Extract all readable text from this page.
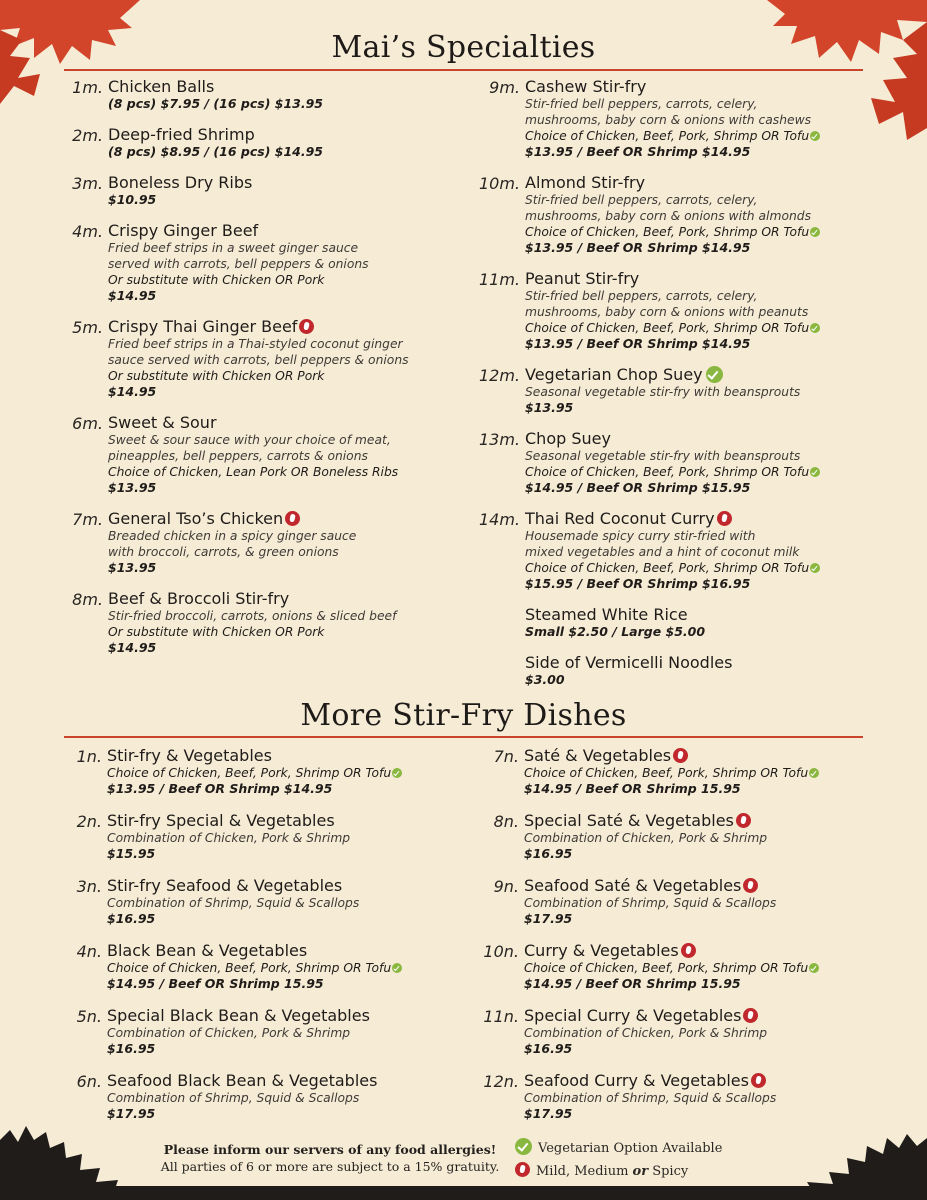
Mai’s Specialties
1m. Chicken Balls
(8 pcs) $7.95 / (16 pcs) $13.95
2m. Deep-fried Shrimp
(8 pcs) $8.95 / (16 pcs) $14.95
3m. Boneless Dry Ribs
$10.95
4m. Crispy Ginger Beef
Fried beef strips in a sweet ginger sauce
served with carrots, bell peppers & onions
Or substitute with Chicken OR Pork
$14.95
5m. Crispy Thai Ginger Beef
Fried beef strips in a Thai-styled coconut ginger
sauce served with carrots, bell peppers & onions
Or substitute with Chicken OR Pork
$14.95
6m. Sweet & Sour
Sweet & sour sauce with your choice of meat,
pineapples, bell peppers, carrots & onions
Choice of Chicken, Lean Pork OR Boneless Ribs
$13.95
7m. General Tso’s Chicken
Breaded chicken in a spicy ginger sauce
with broccoli, carrots, & green onions
$13.95
8m. Beef & Broccoli Stir-fry
Stir-fried broccoli, carrots, onions & sliced beef
Or substitute with Chicken OR Pork
$14.95
9m. Cashew Stir-fry
Stir-fried bell peppers, carrots, celery,
mushrooms, baby corn & onions with cashews
Choice of Chicken, Beef, Pork, Shrimp OR Tofu
$13.95 / Beef OR Shrimp $14.95
10m. Almond Stir-fry
Stir-fried bell peppers, carrots, celery,
mushrooms, baby corn & onions with almonds
Choice of Chicken, Beef, Pork, Shrimp OR Tofu
$13.95 / Beef OR Shrimp $14.95
11m. Peanut Stir-fry
Stir-fried bell peppers, carrots, celery,
mushrooms, baby corn & onions with peanuts
Choice of Chicken, Beef, Pork, Shrimp OR Tofu
$13.95 / Beef OR Shrimp $14.95
12m. Vegetarian Chop Suey
Seasonal vegetable stir-fry with beansprouts
$13.95
13m. Chop Suey
Seasonal vegetable stir-fry with beansprouts
Choice of Chicken, Beef, Pork, Shrimp OR Tofu
$14.95 / Beef OR Shrimp $15.95
14m. Thai Red Coconut Curry
Housemade spicy curry stir-fried with
mixed vegetables and a hint of coconut milk
Choice of Chicken, Beef, Pork, Shrimp OR Tofu
$15.95 / Beef OR Shrimp $16.95
Steamed White Rice
Small $2.50 / Large $5.00
Side of Vermicelli Noodles
$3.00
More Stir-Fry Dishes
1n. Stir-fry & Vegetables
Choice of Chicken, Beef, Pork, Shrimp OR Tofu
$13.95 / Beef OR Shrimp $14.95
2n. Stir-fry Special & Vegetables
Combination of Chicken, Pork & Shrimp
$15.95
3n. Stir-fry Seafood & Vegetables
Combination of Shrimp, Squid & Scallops
$16.95
4n. Black Bean & Vegetables
Choice of Chicken, Beef, Pork, Shrimp OR Tofu
$14.95 / Beef OR Shrimp 15.95
5n. Special Black Bean & Vegetables
Combination of Chicken, Pork & Shrimp
$16.95
6n. Seafood Black Bean & Vegetables
Combination of Shrimp, Squid & Scallops
$17.95
7n. Saté & Vegetables
Choice of Chicken, Beef, Pork, Shrimp OR Tofu
$14.95 / Beef OR Shrimp 15.95
8n. Special Saté & Vegetables
Combination of Chicken, Pork & Shrimp
$16.95
9n. Seafood Saté & Vegetables
Combination of Shrimp, Squid & Scallops
$17.95
10n. Curry & Vegetables
Choice of Chicken, Beef, Pork, Shrimp OR Tofu
$14.95 / Beef OR Shrimp 15.95
11n. Special Curry & Vegetables
Combination of Chicken, Pork & Shrimp
$16.95
12n. Seafood Curry & Vegetables
Combination of Shrimp, Squid & Scallops
$17.95
Please inform our servers of any food allergies!
All parties of 6 or more are subject to a 15% gratuity.
Vegetarian Option Available
Mild, Medium or Spicy
